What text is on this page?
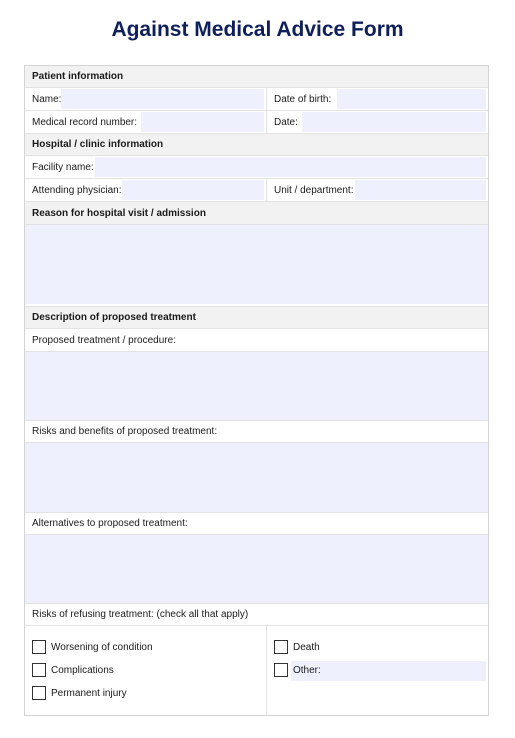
Against Medical Advice Form
Patient information
Name:	Date of birth:
Medical record number:	Date:
Hospital / clinic information
Facility name:
Attending physician:	Unit / department:
Reason for hospital visit / admission
Description of proposed treatment
Proposed treatment / procedure:
Risks and benefits of proposed treatment:
Alternatives to proposed treatment:
Risks of refusing treatment: (check all that apply)
Worsening of condition
Complications
Permanent injury
Death
Other:
